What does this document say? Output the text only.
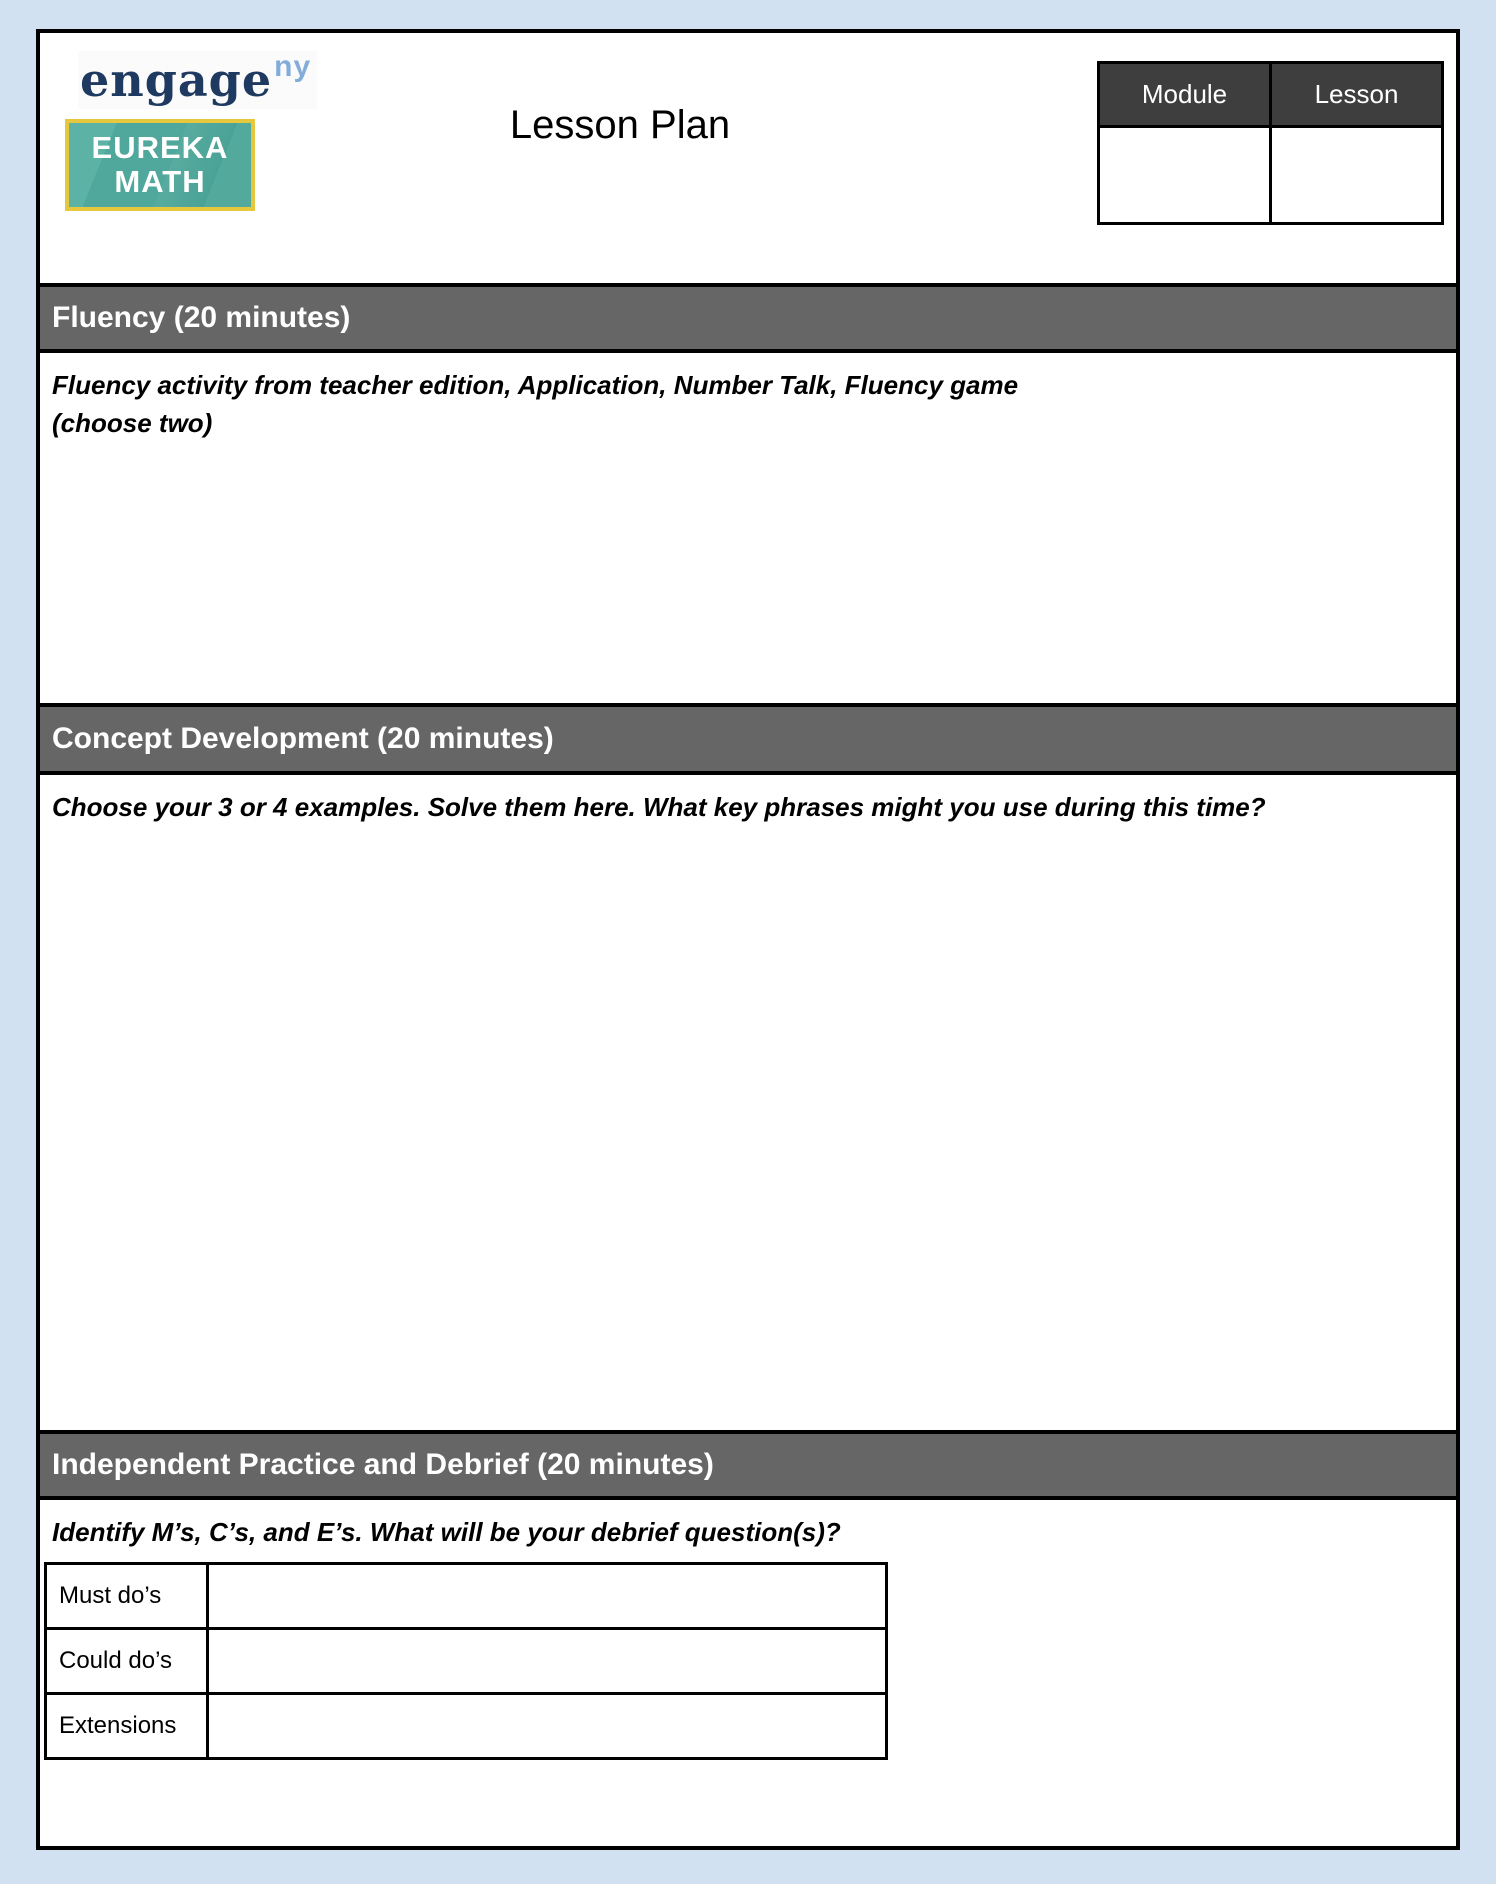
engage$^{ny}$
EUREKA
MATH
Lesson Plan
Module	Lesson

Fluency (20 minutes)
Fluency activity from teacher edition, Application, Number Talk, Fluency game
(choose two)
Concept Development (20 minutes)
Choose your 3 or 4 examples. Solve them here. What key phrases might you use during this time?
Independent Practice and Debrief (20 minutes)
Identify M’s, C’s, and E’s. What will be your debrief question(s)?
Must do’s	
Could do’s	
Extensions	
